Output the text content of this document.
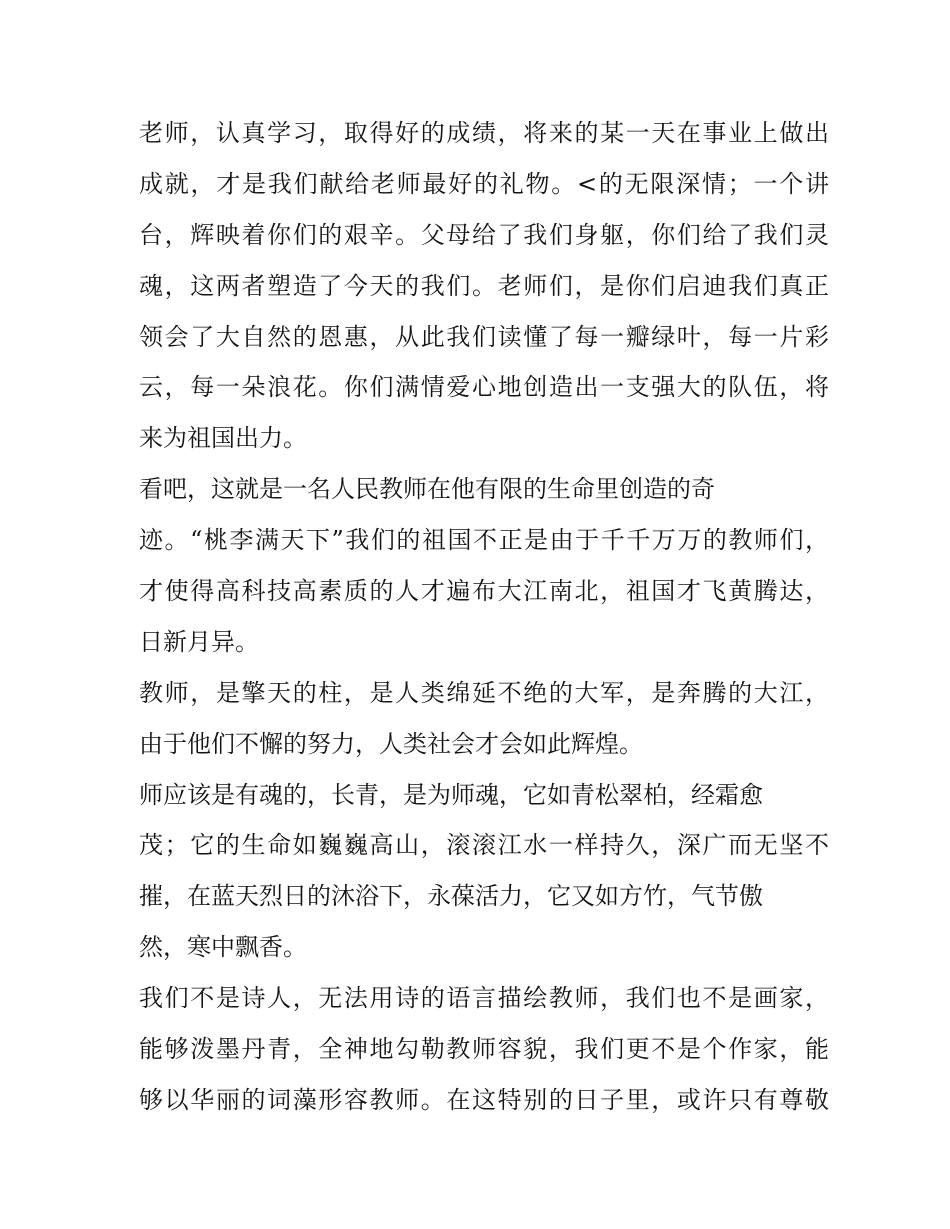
老师，认真学习，取得好的成绩，将来的某一天在事业上做出
成就，才是我们献给老师最好的礼物。<的无限深情；一个讲
台，辉映着你们的艰辛。父母给了我们身躯，你们给了我们灵
魂，这两者塑造了今天的我们。老师们，是你们启迪我们真正
领会了大自然的恩惠，从此我们读懂了每一瓣绿叶，每一片彩
云，每一朵浪花。你们满情爱心地创造出一支强大的队伍，将
来为祖国出力。
看吧，这就是一名人民教师在他有限的生命里创造的奇
迹。“桃李满天下”我们的祖国不正是由于千千万万的教师们，
才使得高科技高素质的人才遍布大江南北，祖国才飞黄腾达，
日新月异。
教师，是擎天的柱，是人类绵延不绝的大军，是奔腾的大江，
由于他们不懈的努力，人类社会才会如此辉煌。
师应该是有魂的，长青，是为师魂，它如青松翠柏，经霜愈
茂；它的生命如巍巍高山，滚滚江水一样持久，深广而无坚不
摧，在蓝天烈日的沐浴下，永葆活力，它又如方竹，气节傲
然，寒中飘香。
我们不是诗人，无法用诗的语言描绘教师，我们也不是画家，
能够泼墨丹青，全神地勾勒教师容貌，我们更不是个作家，能
够以华丽的词藻形容教师。在这特别的日子里，或许只有尊敬
